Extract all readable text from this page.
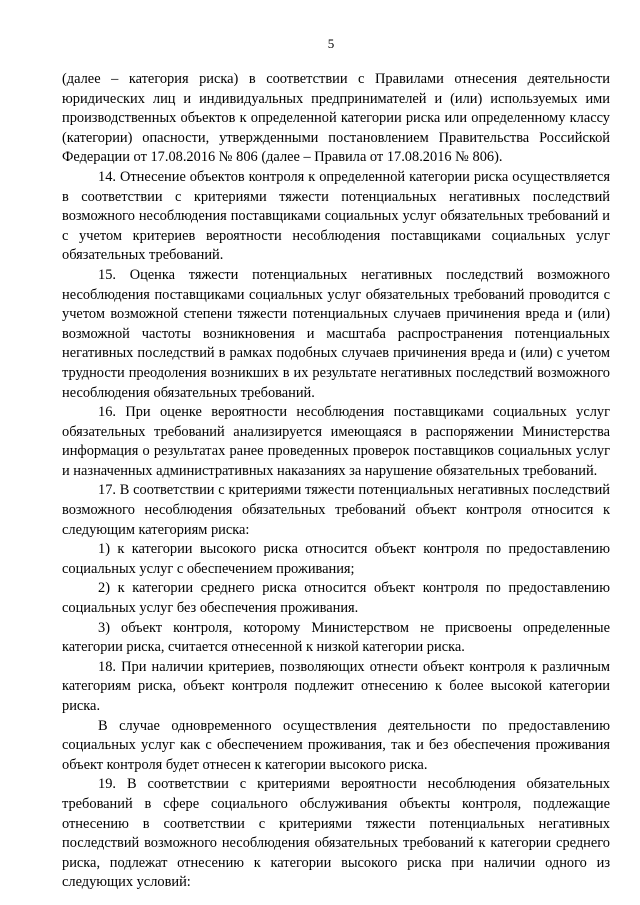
5

(далее – категория риска) в соответствии с Правилами отнесения деятельности юридических лиц и индивидуальных предпринимателей и (или) используемых ими производственных объектов к определенной категории риска или определенному классу (категории) опасности, утвержденными постановлением Правительства Российской Федерации от 17.08.2016 № 806 (далее – Правила от 17.08.2016 № 806).

14. Отнесение объектов контроля к определенной категории риска осуществляется в соответствии с критериями тяжести потенциальных негативных последствий возможного несоблюдения поставщиками социальных услуг обязательных требований и с учетом критериев вероятности несоблюдения поставщиками социальных услуг обязательных требований.

15. Оценка тяжести потенциальных негативных последствий возможного несоблюдения поставщиками социальных услуг обязательных требований проводится с учетом возможной степени тяжести потенциальных случаев причинения вреда и (или) возможной частоты возникновения и масштаба распространения потенциальных негативных последствий в рамках подобных случаев причинения вреда и (или) с учетом трудности преодоления возникших в их результате негативных последствий возможного несоблюдения обязательных требований.

16. При оценке вероятности несоблюдения поставщиками социальных услуг обязательных требований анализируется имеющаяся в распоряжении Министерства информация о результатах ранее проведенных проверок поставщиков социальных услуг и назначенных административных наказаниях за нарушение обязательных требований.

17. В соответствии с критериями тяжести потенциальных негативных последствий возможного несоблюдения обязательных требований объект контроля относится к следующим категориям риска:

1) к категории высокого риска относится объект контроля по предоставлению социальных услуг с обеспечением проживания;

2) к категории среднего риска относится объект контроля по предоставлению социальных услуг без обеспечения проживания.

3) объект контроля, которому Министерством не присвоены определенные категории риска, считается отнесенной к низкой категории риска.

18. При наличии критериев, позволяющих отнести объект контроля к различным категориям риска, объект контроля подлежит отнесению к более высокой категории риска.

В случае одновременного осуществления деятельности по предоставлению социальных услуг как с обеспечением проживания, так и без обеспечения проживания объект контроля будет отнесен к категории высокого риска.

19. В соответствии с критериями вероятности несоблюдения обязательных требований в сфере социального обслуживания объекты контроля, подлежащие отнесению в соответствии с критериями тяжести потенциальных негативных последствий возможного несоблюдения обязательных требований к категории среднего риска, подлежат отнесению к категории высокого риска при наличии одного из следующих условий:
